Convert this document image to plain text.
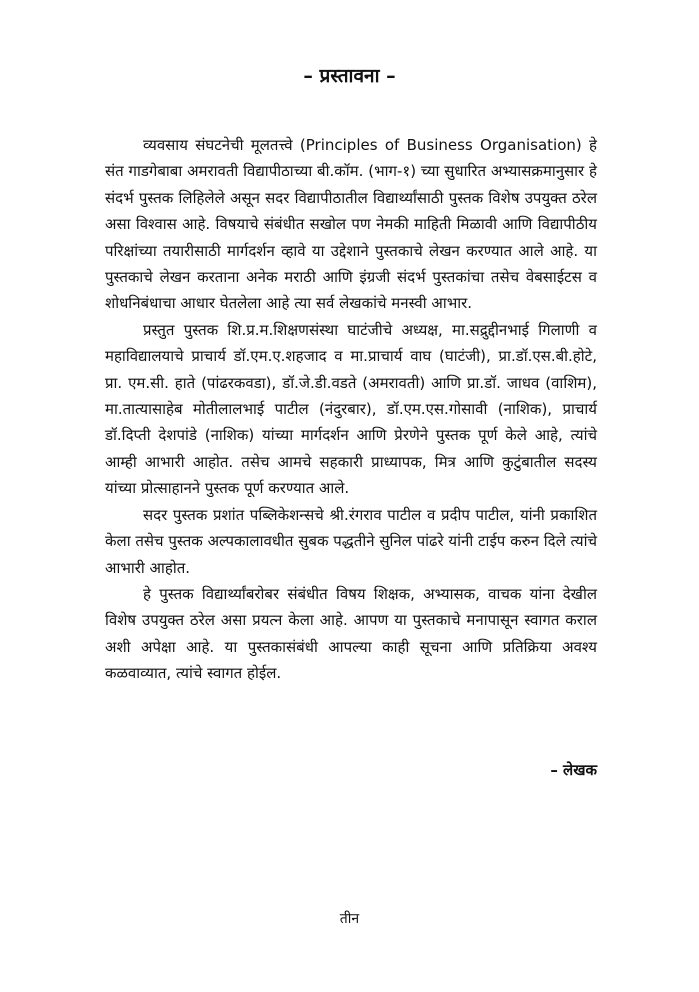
– प्रस्तावना –

व्यवसाय संघटनेची मूलतत्त्वे (Principles of Business Organisation) हे संत गाडगेबाबा अमरावती विद्यापीठाच्या बी.कॉम. (भाग-१) च्या सुधारित अभ्यासक्रमानुसार हे संदर्भ पुस्तक लिहिलेले असून सदर विद्यापीठातील विद्यार्थ्यांसाठी पुस्तक विशेष उपयुक्त ठरेल असा विश्वास आहे. विषयाचे संबंधीत सखोल पण नेमकी माहिती मिळावी आणि विद्यापीठीय परिक्षांच्या तयारीसाठी मार्गदर्शन व्हावे या उद्देशाने पुस्तकाचे लेखन करण्यात आले आहे. या पुस्तकाचे लेखन करताना अनेक मराठी आणि इंग्रजी संदर्भ पुस्तकांचा तसेच वेबसाईटस व शोधनिबंधाचा आधार घेतलेला आहे त्या सर्व लेखकांचे मनस्वी आभार.

प्रस्तुत पुस्तक शि.प्र.म.शिक्षणसंस्था घाटंजीचे अध्यक्ष, मा.सद्रुद्दीनभाई गिलाणी व महाविद्यालयाचे प्राचार्य डॉ.एम.ए.शहजाद व मा.प्राचार्य वाघ (घाटंजी), प्रा.डॉ.एस.बी.होटे, प्रा. एम.सी. हाते (पांढरकवडा), डॉ.जे.डी.वडते (अमरावती) आणि प्रा.डॉ. जाधव (वाशिम), मा.तात्यासाहेब मोतीलालभाई पाटील (नंदुरबार), डॉ.एम.एस.गोसावी (नाशिक), प्राचार्य डॉ.दिप्ती देशपांडे (नाशिक) यांच्या मार्गदर्शन आणि प्रेरणेने पुस्तक पूर्ण केले आहे, त्यांचे आम्ही आभारी आहोत. तसेच आमचे सहकारी प्राध्यापक, मित्र आणि कुटुंबातील सदस्य यांच्या प्रोत्साहानने पुस्तक पूर्ण करण्यात आले.

सदर पुस्तक प्रशांत पब्लिकेशन्सचे श्री.रंगराव पाटील व प्रदीप पाटील, यांनी प्रकाशित केला तसेच पुस्तक अल्पकालावधीत सुबक पद्धतीने सुनिल पांढरे यांनी टाईप करुन दिले त्यांचे आभारी आहोत.

हे पुस्तक विद्यार्थ्यांबरोबर संबंधीत विषय शिक्षक, अभ्यासक, वाचक यांना देखील विशेष उपयुक्त ठरेल असा प्रयत्न केला आहे. आपण या पुस्तकाचे मनापासून स्वागत कराल अशी अपेक्षा आहे. या पुस्तकासंबंधी आपल्या काही सूचना आणि प्रतिक्रिया अवश्य कळवाव्यात, त्यांचे स्वागत होईल.

– लेखक
तीन
